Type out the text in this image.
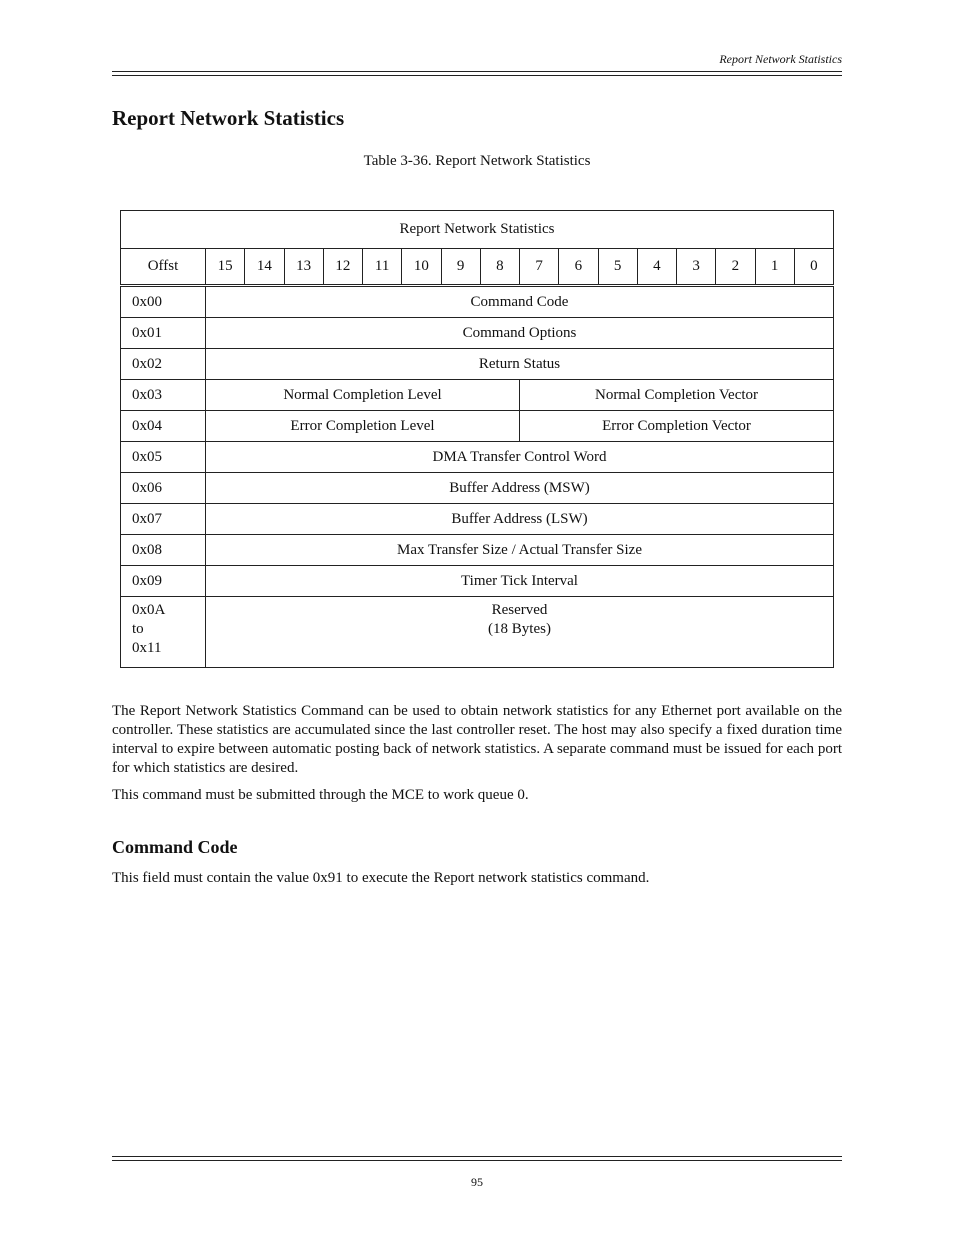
Report Network Statistics
Report Network Statistics
Table 3-36. Report Network Statistics
Report Network Statistics																
Offst	15	14	13	12	11	10	9	8	7	6	5	4	3	2	1	0
0x00	Command Code															
0x01	Command Options															
0x02	Return Status															
0x03	Normal Completion Level								Normal Completion Vector							
0x04	Error Completion Level								Error Completion Vector							
0x05	DMA Transfer Control Word															
0x06	Buffer Address (MSW)															
0x07	Buffer Address (LSW)															
0x08	Max Transfer Size / Actual Transfer Size															
0x09	Timer Tick Interval															

0x0A
to
0x11	Reserved
(18 Bytes)															

The Report Network Statistics Command can be used to obtain network statistics for any Ethernet port available on the controller. These statistics are accumulated since the last controller reset. The host may also specify a fixed duration time interval to expire between automatic posting back of network statistics. A separate command must be issued for each port for which statistics are desired.

This command must be submitted through the MCE to work queue 0.

Command Code

This field must contain the value 0x91 to execute the Report network statistics command.

95
